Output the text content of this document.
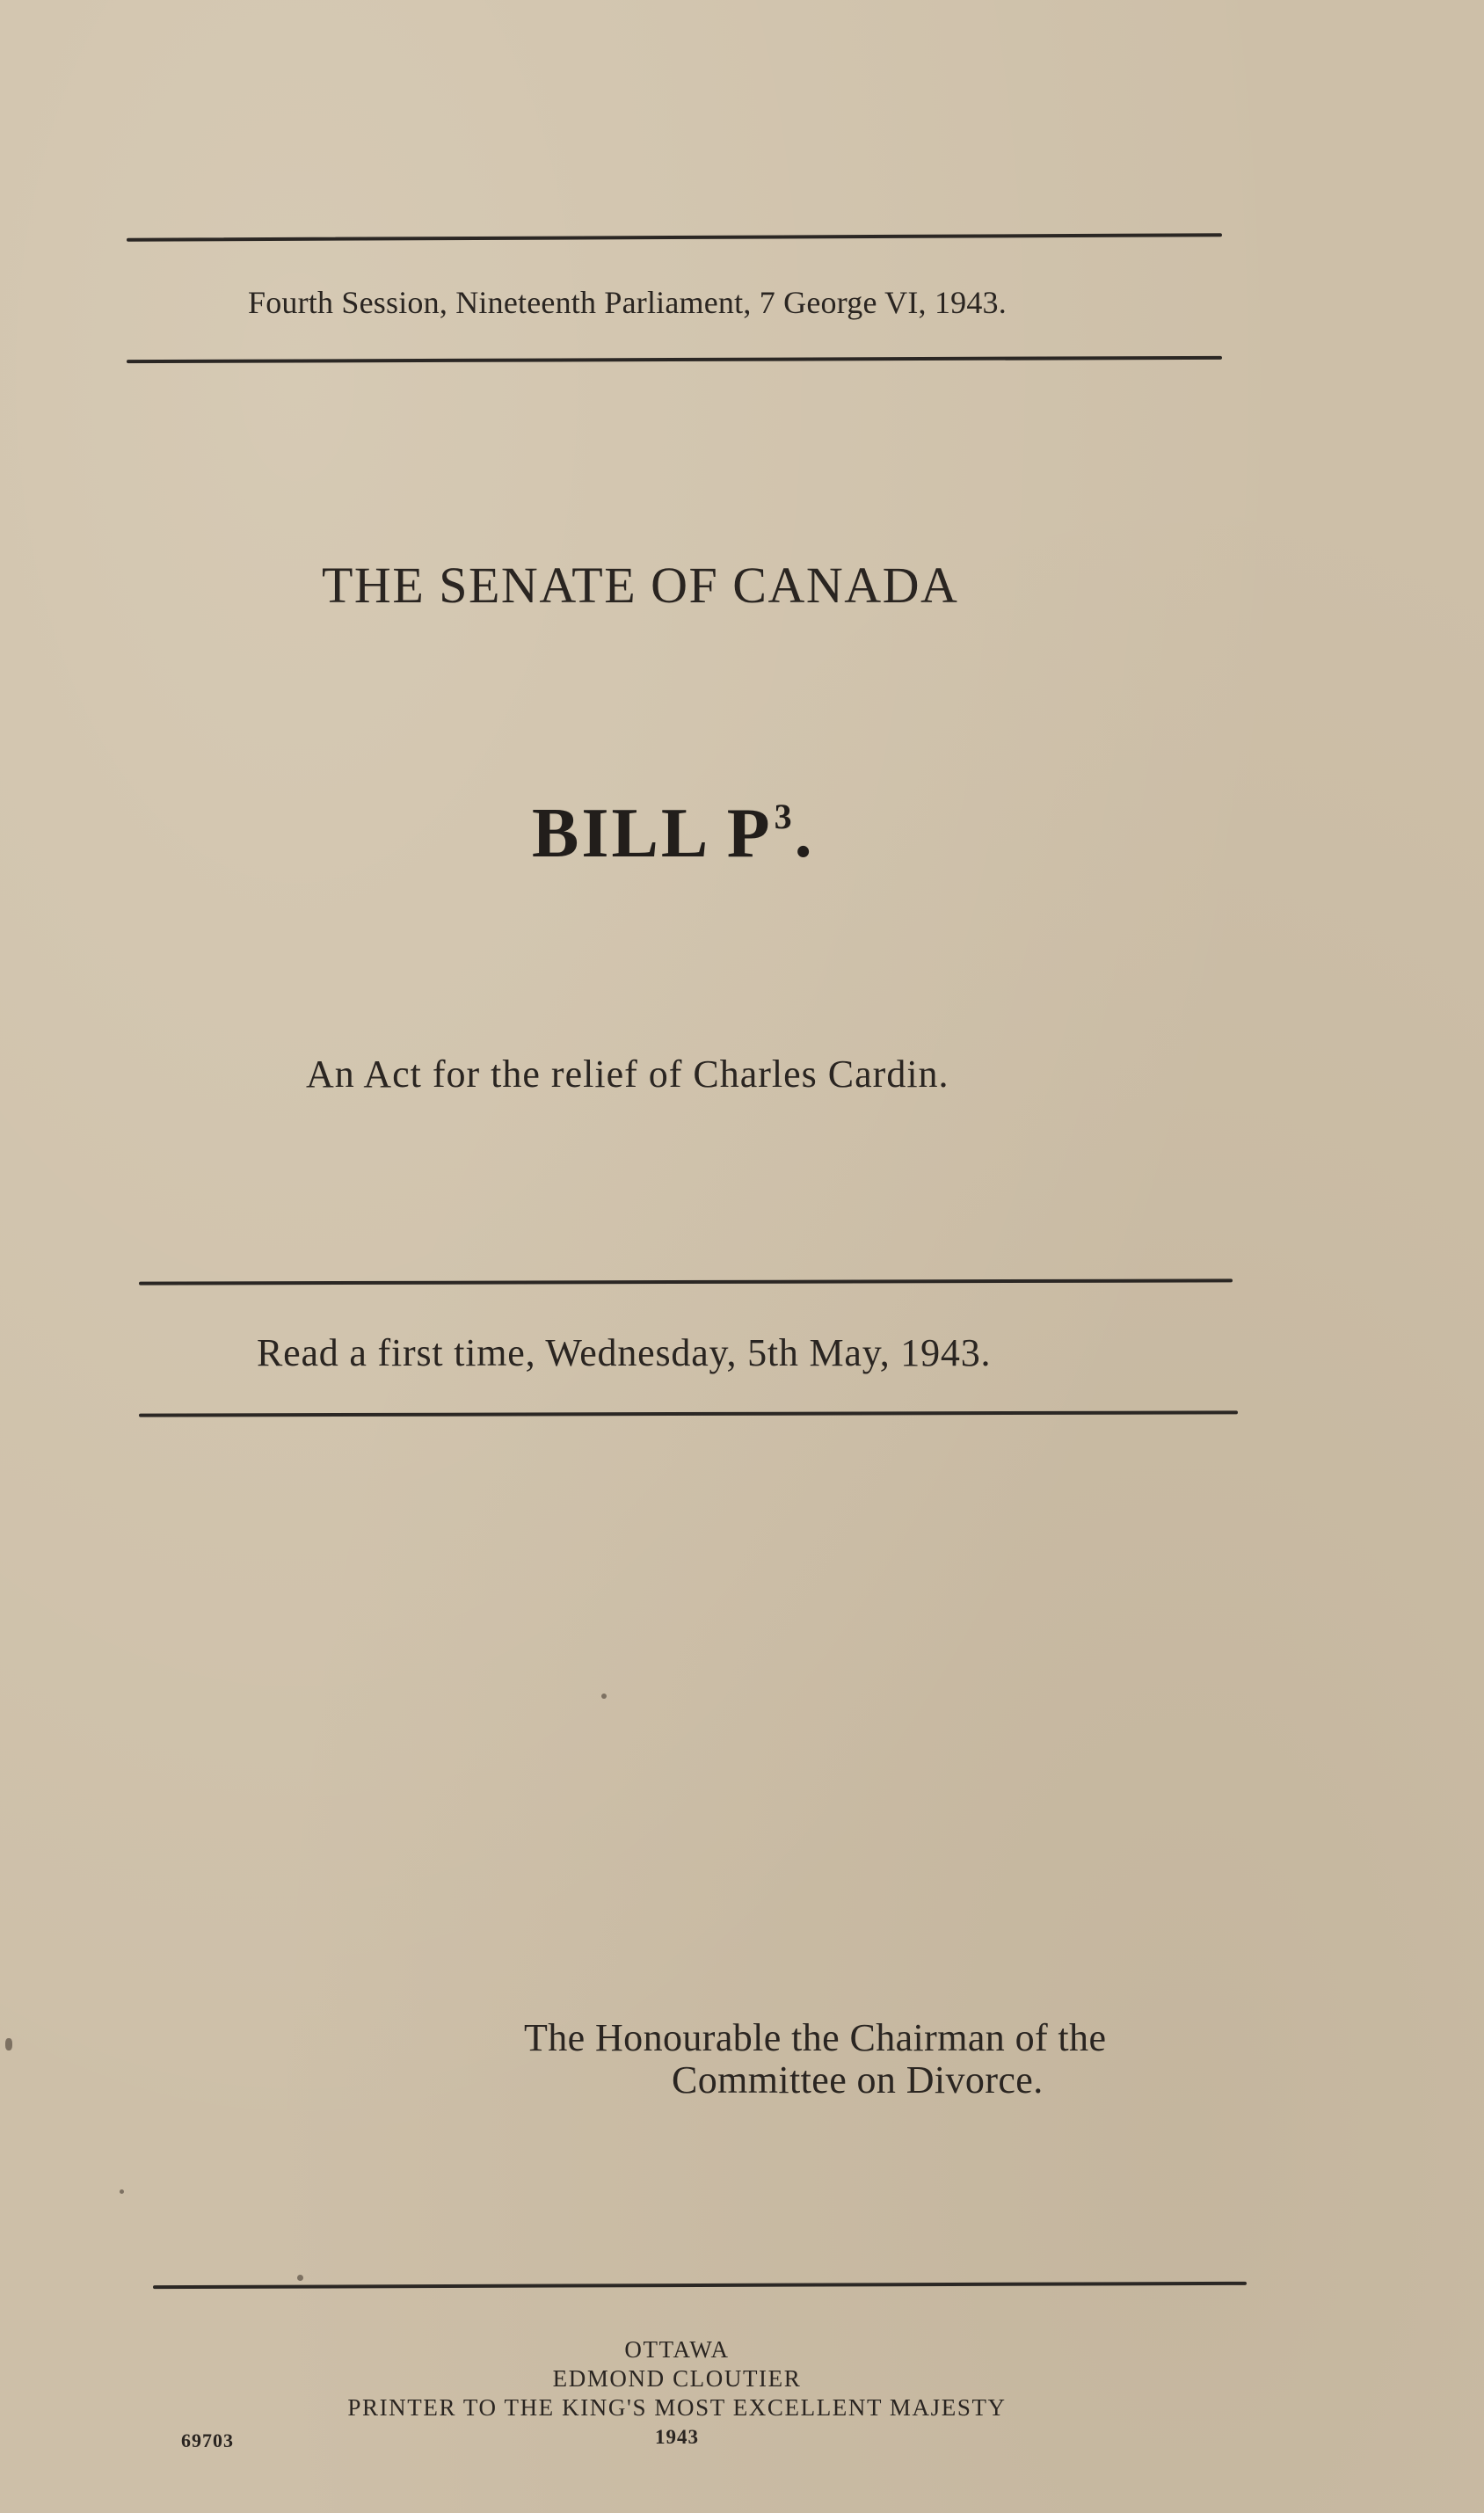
Fourth Session, Nineteenth Parliament, 7 George VI, 1943.

THE SENATE OF CANADA

BILL $P^3$.

An Act for the relief of Charles Cardin.

Read a first time, Wednesday, 5th May, 1943.

The Honourable the Chairman of the
Committee on Divorce.
OTTAWA
EDMOND CLOUTIER
PRINTER TO THE KING'S MOST EXCELLENT MAJESTY
1943
69703
